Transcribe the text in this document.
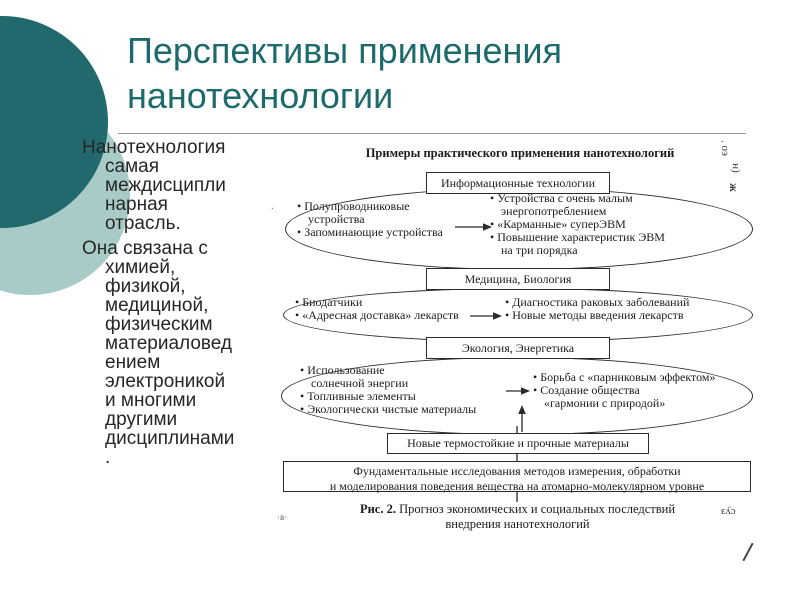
Перспективы применения
нанотехнологии
Нанотехнология
самая
междисципли
нарная
отрасль.
Она связана с
химией,
физикой,
медициной,
физическим
материаловед
ением
электроникой
и многими
другими
дисциплинами
.
Примеры практического применения нанотехнологий
Информационные технологии
Медицина, Биология
Экология, Энергетика
• Полупроводниковые
устройства
• Запоминающие устройства
• Устройства с очень малым
энергопотреблением
• «Карманные» суперЭВМ
• Повышение характеристик ЭВМ
на три порядка
• Биодатчики
• «Адресная доставка» лекарств
• Диагностика раковых заболеваний
• Новые методы введения лекарств
• Использование
солнечной энергии
• Топливные элементы
• Экологически чистые материалы
• Борьба с «парниковым эффектом»
• Создание общества
«гармонии с природой»
Новые термостойкие и прочные материалы
Фундаментальные исследования методов измерения, обработки
и моделирования поведения вещества на атомарно-молекулярном уровне
Рис. 2. Прогноз экономических и социальных последствий
внедрения нанотехнологий
. оэ
н)
ж
·в·	суз
.
